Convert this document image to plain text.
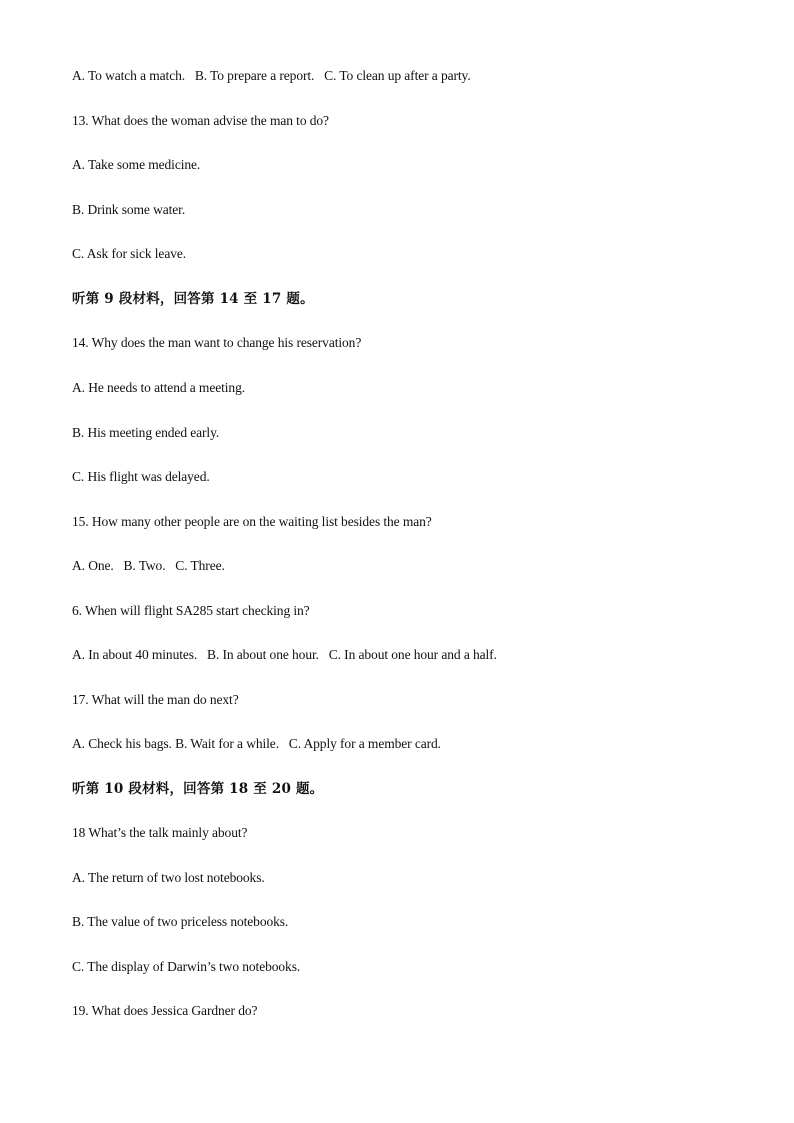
A. To watch a match.   B. To prepare a report.   C. To clean up after a party.
13. What does the woman advise the man to do?
A. Take some medicine.
B. Drink some water.
C. Ask for sick leave.
听第 9 段材料，回答第 14 至 17 题。
14. Why does the man want to change his reservation?
A. He needs to attend a meeting.
B. His meeting ended early.
C. His flight was delayed.
15. How many other people are on the waiting list besides the man?
A. One.   B. Two.   C. Three.
6. When will flight SA285 start checking in?
A. In about 40 minutes.   B. In about one hour.   C. In about one hour and a half.
17. What will the man do next?
A. Check his bags. B. Wait for a while.   C. Apply for a member card.
听第 10 段材料，回答第 18 至 20 题。
18 What’s the talk mainly about?
A. The return of two lost notebooks.
B. The value of two priceless notebooks.
C. The display of Darwin’s two notebooks.
19. What does Jessica Gardner do?
